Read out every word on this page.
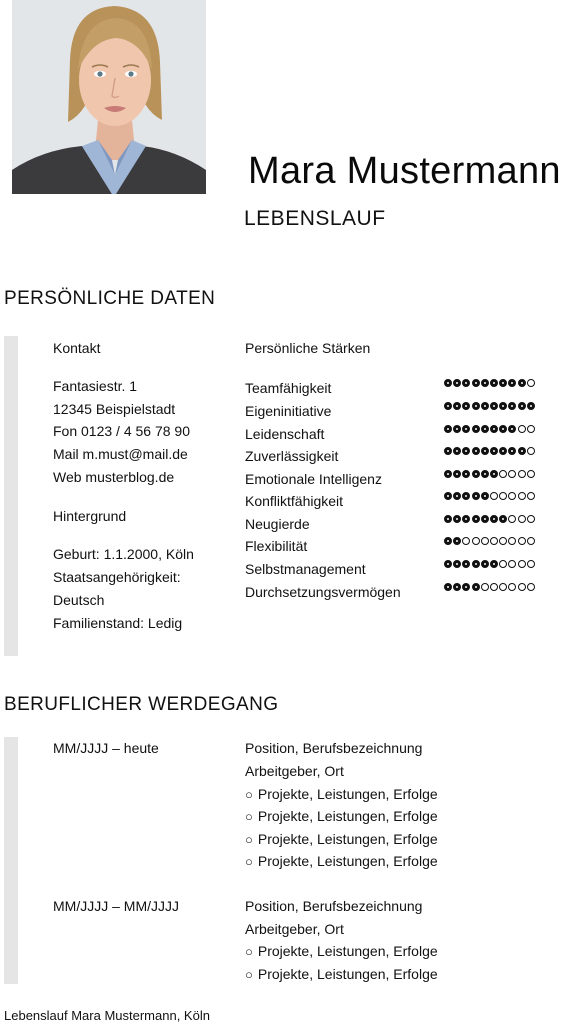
Mara Mustermann
LEBENSLAUF
PERSÖNLICHE DATEN
Kontakt
Fantasiestr. 1
12345 Beispielstadt
Fon 0123 / 4 56 78 90
Mail m.must@mail.de
Web musterblog.de
Hintergrund
Geburt: 1.1.2000, Köln
Staatsangehörigkeit:
Deutsch
Familienstand: Ledig
Persönliche Stärken
Teamfähigkeit
Eigeninitiative
Leidenschaft
Zuverlässigkeit
Emotionale Intelligenz
Konfliktfähigkeit
Neugierde
Flexibilität
Selbstmanagement
Durchsetzungsvermögen
BERUFLICHER WERDEGANG
MM/JJJJ – heute	Position, Berufsbezeichnung
Arbeitgeber, Ort
○ Projekte, Leistungen, Erfolge
○ Projekte, Leistungen, Erfolge
○ Projekte, Leistungen, Erfolge
○ Projekte, Leistungen, Erfolge
MM/JJJJ – MM/JJJJ	Position, Berufsbezeichnung
Arbeitgeber, Ort
○ Projekte, Leistungen, Erfolge
○ Projekte, Leistungen, Erfolge
Lebenslauf Mara Mustermann, Köln
